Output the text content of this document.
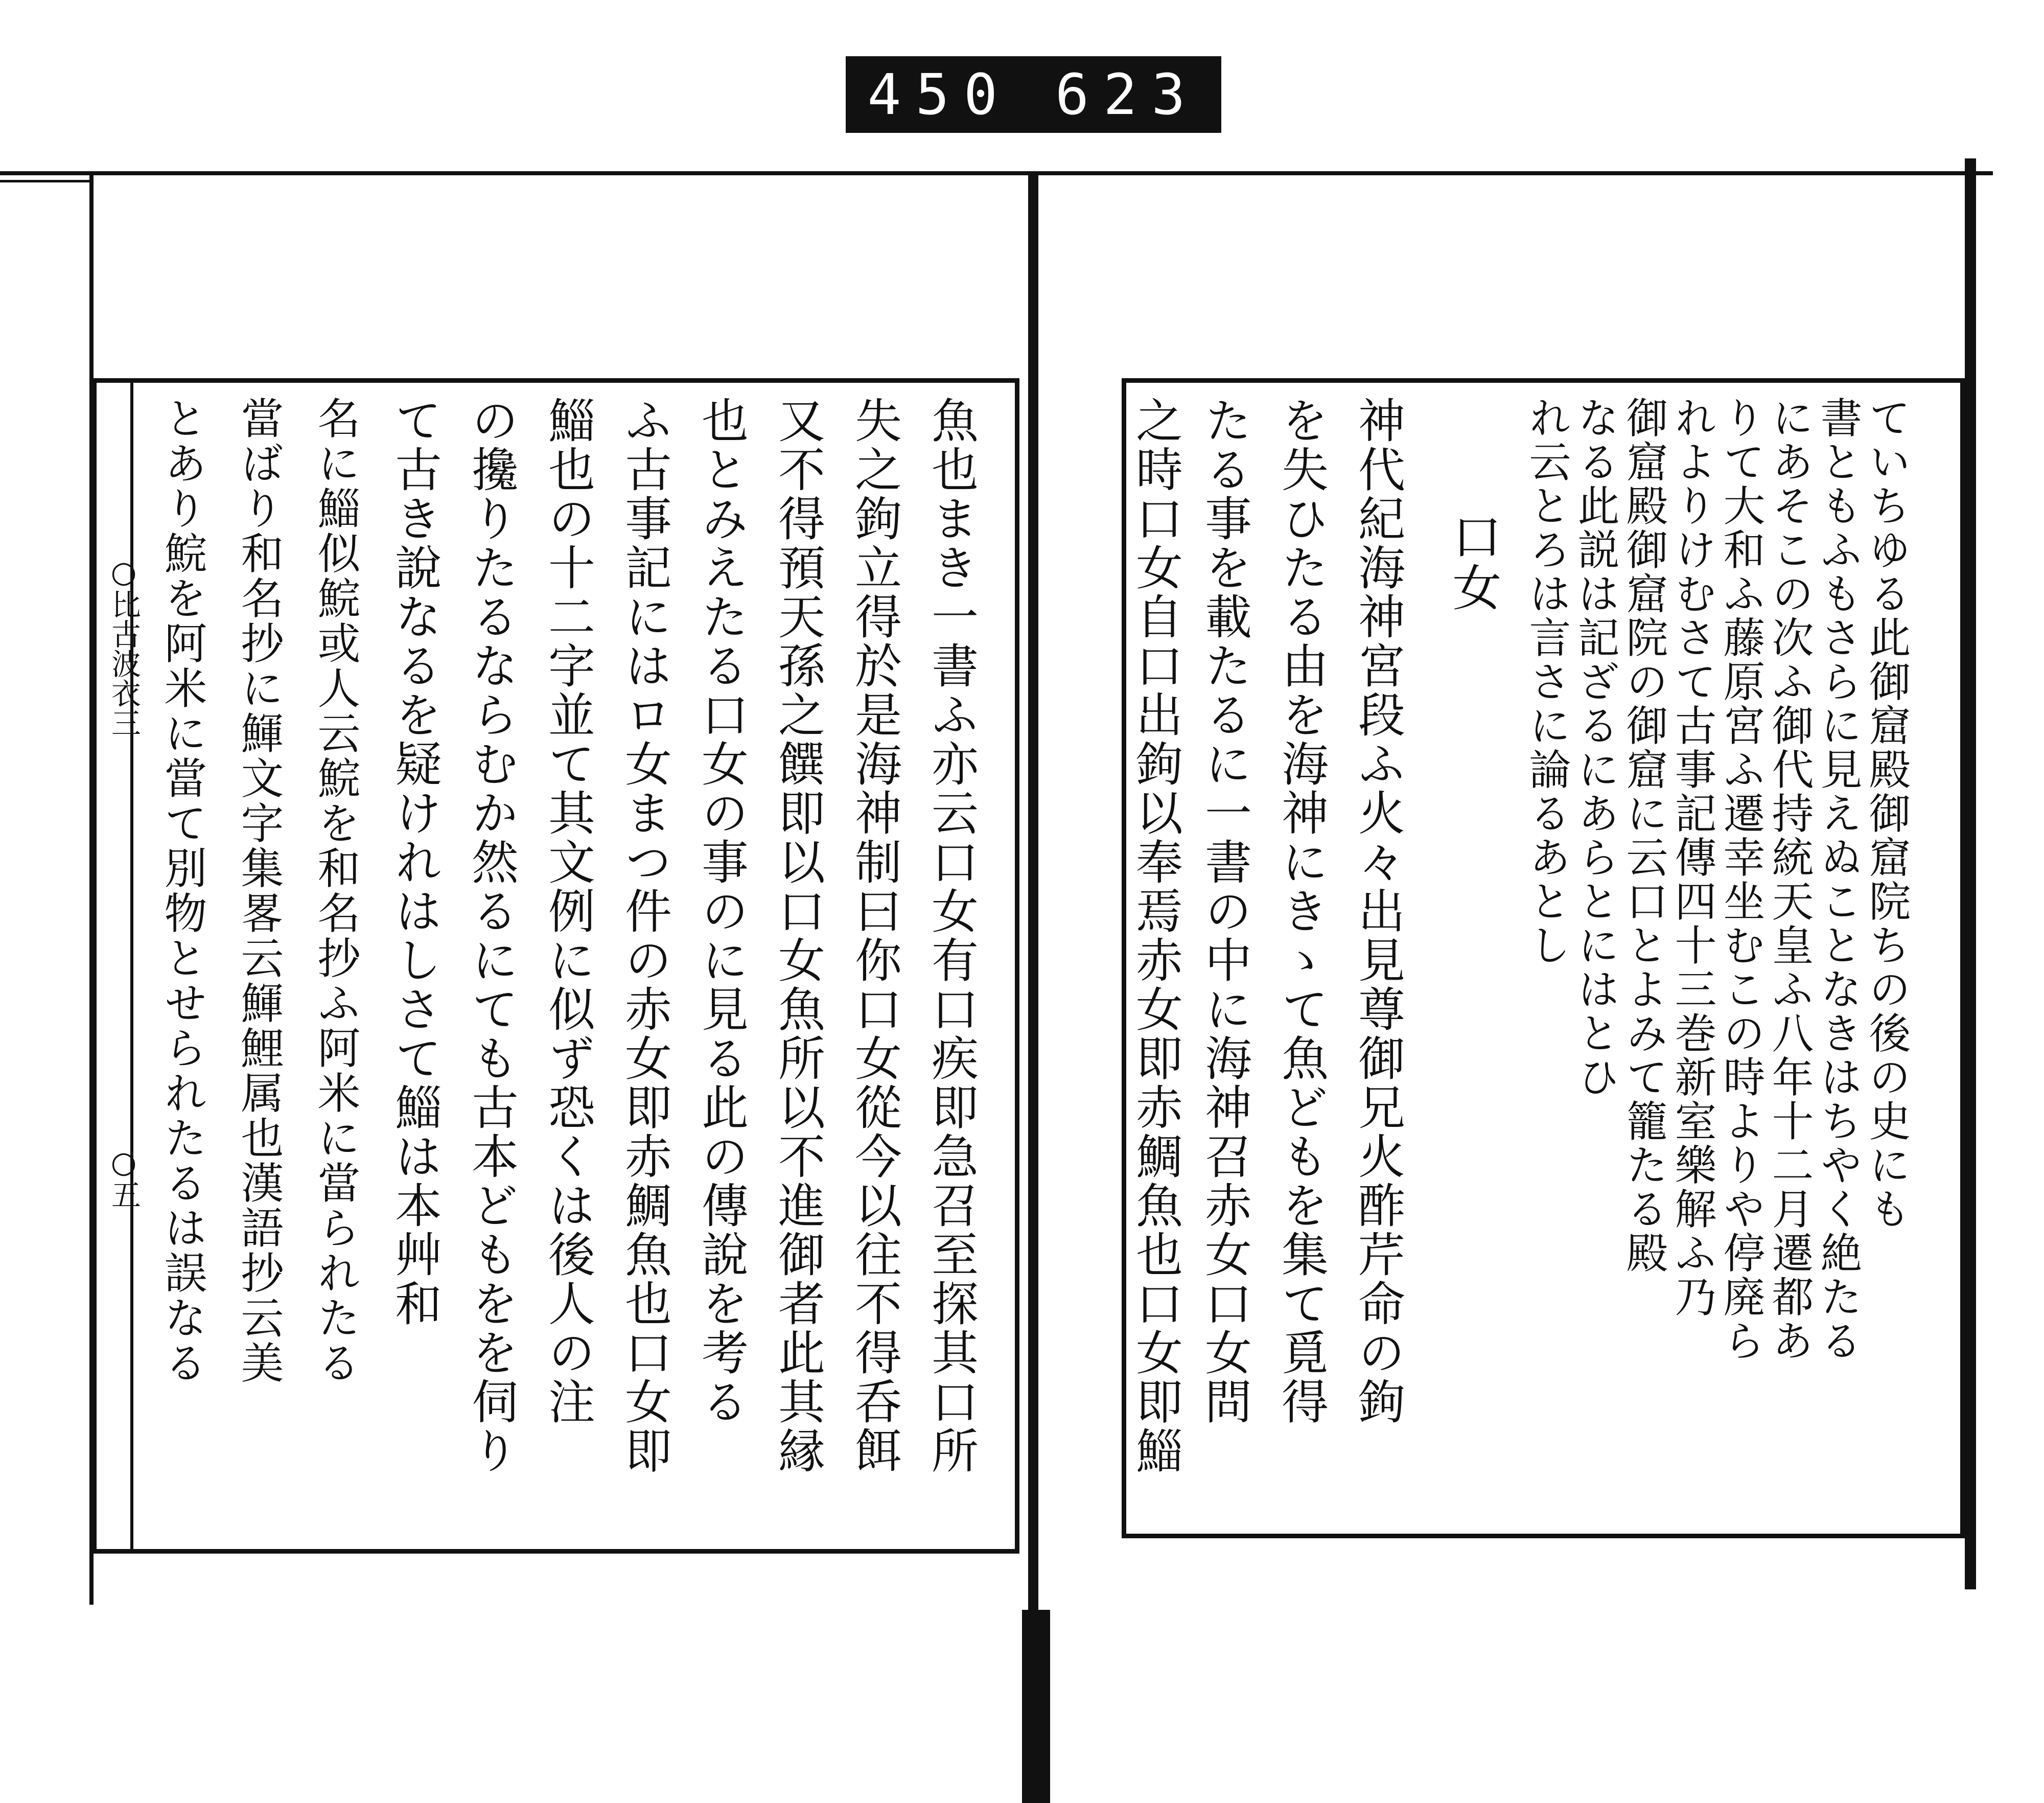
450 623
○比古波衣三
○五	魚也まき一書ふ亦云口女有口疾即急召至探其口所
失之鉤立得於是海神制曰你口女從今以往不得呑餌
又不得預天孫之饌即以口女魚所以不進御者此其縁
也とみえたる口女の事のに見る此の傳說を考る
ふ古事記にはロ女まつ件の赤女即赤鯛魚也口女即
鯔也の十二字並て其文例に似ず恐くは後人の注
の攙りたるならむか然るにても古本どもをを伺り
て古き說なるを疑けれはしさて鯔は本艸和
名に鯔似鯇或人云鯇を和名抄ふ阿米に當られたる
當ばり和名抄に鯶文字集畧云鯶鯉属也漢語抄云美
とあり鯇を阿米に當て別物とせられたるは誤なる	ていちゆる此御窟殿御窟院ちの後の史にも
書ともふもさらに見えぬことなきはちやく絶たる
にあそこの次ふ御代持統天皇ふ八年十二月遷都あ
りて大和ふ藤原宮ふ遷幸坐むこの時よりや停廃ら
れよりけむさて古事記傳四十三巻新室樂解ふ乃
御窟殿御窟院の御窟に云口とよみて籠たる殿
なる此説は記ざるにあらとにはとひ
れ云とろは言さに論るあとし
口女
神代紀海神宮段ふ火々出見尊御兄火酢芹命の鉤
を失ひたる由を海神にきゝて魚どもを集て覓得
たる事を載たるに一書の中に海神召赤女口女問
之時口女自口出鉤以奉焉赤女即赤鯛魚也口女即鯔
